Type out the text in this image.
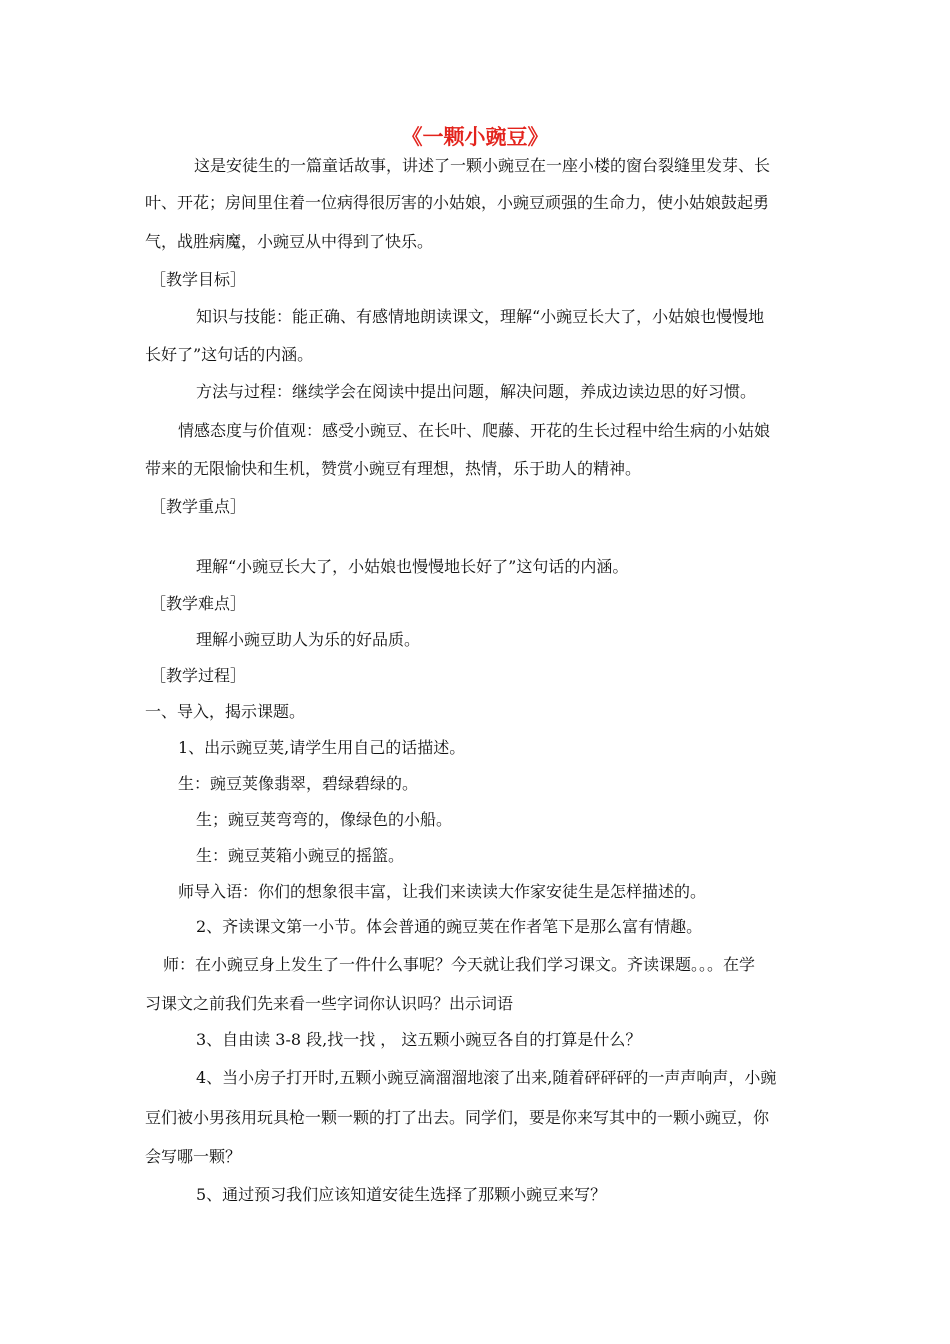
《一颗小豌豆》
这是安徒生的一篇童话故事，讲述了一颗小豌豆在一座小楼的窗台裂缝里发芽、长
叶、开花；房间里住着一位病得很厉害的小姑娘，小豌豆顽强的生命力，使小姑娘鼓起勇
气，战胜病魔，小豌豆从中得到了快乐。
［教学目标］
知识与技能：能正确、有感情地朗读课文，理解“小豌豆长大了，小姑娘也慢慢地
长好了”这句话的内涵。
方法与过程：继续学会在阅读中提出问题，解决问题，养成边读边思的好习惯。
情感态度与价值观：感受小豌豆、在长叶、爬藤、开花的生长过程中给生病的小姑娘
带来的无限愉快和生机，赞赏小豌豆有理想，热情，乐于助人的精神。
［教学重点］
理解“小豌豆长大了，小姑娘也慢慢地长好了”这句话的内涵。
［教学难点］
理解小豌豆助人为乐的好品质。
［教学过程］
一、导入，揭示课题。
1、出示豌豆荚,请学生用自己的话描述。
生：豌豆荚像翡翠，碧绿碧绿的。
生；豌豆荚弯弯的，像绿色的小船。
生：豌豆荚箱小豌豆的摇篮。
师导入语：你们的想象很丰富，让我们来读读大作家安徒生是怎样描述的。
2、齐读课文第一小节。体会普通的豌豆荚在作者笔下是那么富有情趣。
师：在小豌豆身上发生了一件什么事呢？今天就让我们学习课文。齐读课题。。。在学
习课文之前我们先来看一些字词你认识吗？出示词语
3、自由读 3-8 段,找一找 ， 这五颗小豌豆各自的打算是什么？
4、当小房子打开时,五颗小豌豆滴溜溜地滚了出来,随着砰砰砰的一声声响声，小豌
豆们被小男孩用玩具枪一颗一颗的打了出去。同学们，要是你来写其中的一颗小豌豆，你
会写哪一颗？
5、通过预习我们应该知道安徒生选择了那颗小豌豆来写？
